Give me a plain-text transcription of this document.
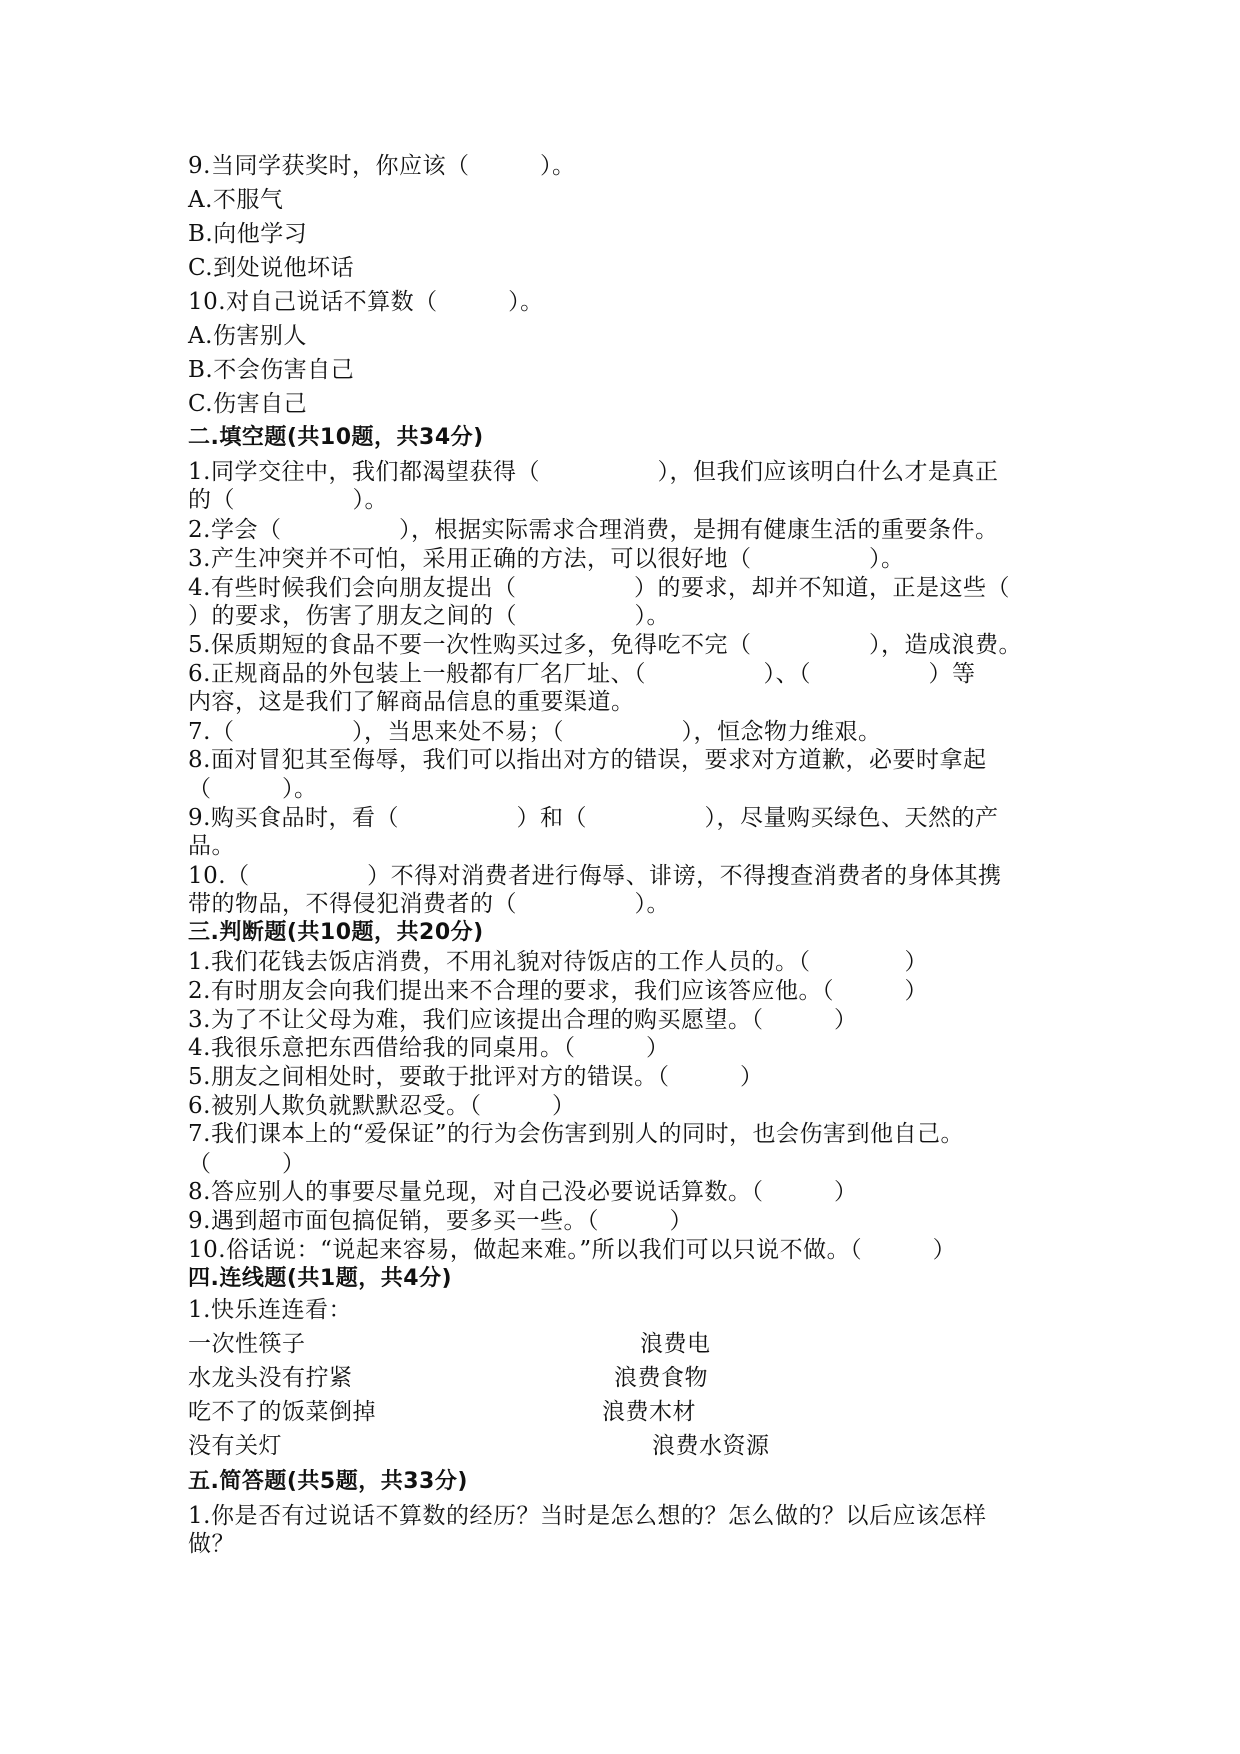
9.当同学获奖时，你应该（　　　）。
A.不服气
B.向他学习
C.到处说他坏话
10.对自己说话不算数（　　　）。
A.伤害别人
B.不会伤害自己
C.伤害自己
二.填空题(共10题，共34分)
1.同学交往中，我们都渴望获得（　　　　　），但我们应该明白什么才是真正
的（　　　　　）。
2.学会（　　　　　），根据实际需求合理消费，是拥有健康生活的重要条件。
3.产生冲突并不可怕，采用正确的方法，可以很好地（　　　　　）。
4.有些时候我们会向朋友提出（　　　　　）的要求，却并不知道，正是这些（
）的要求，伤害了朋友之间的（　　　　　）。
5.保质期短的食品不要一次性购买过多，免得吃不完（　　　　　），造成浪费。
6.正规商品的外包装上一般都有厂名厂址、（　　　　　）、（　　　　　）等
内容，这是我们了解商品信息的重要渠道。
7.（　　　　　），当思来处不易；（　　　　　），恒念物力维艰。
8.面对冒犯其至侮辱，我们可以指出对方的错误，要求对方道歉，必要时拿起
（　　　）。
9.购买食品时，看（　　　　　）和（　　　　　），尽量购买绿色、天然的产
品。
10.（　　　　　）不得对消费者进行侮辱、诽谤，不得搜查消费者的身体其携
带的物品，不得侵犯消费者的（　　　　　）。
三.判断题(共10题，共20分)
1.我们花钱去饭店消费，不用礼貌对待饭店的工作人员的。（　　　　）
2.有时朋友会向我们提出来不合理的要求，我们应该答应他。（　　　）
3.为了不让父母为难，我们应该提出合理的购买愿望。（　　　）
4.我很乐意把东西借给我的同桌用。（　　　）
5.朋友之间相处时，要敢于批评对方的错误。（　　　）
6.被别人欺负就默默忍受。（　　　）
7.我们课本上的“爱保证”的行为会伤害到别人的同时，也会伤害到他自己。
（　　　）
8.答应别人的事要尽量兑现，对自己没必要说话算数。（　　　）
9.遇到超市面包搞促销，要多买一些。（　　　）
10.俗话说：“说起来容易，做起来难。”所以我们可以只说不做。（　　　）
四.连线题(共1题，共4分)
1.快乐连连看：
一次性筷子	浪费电
水龙头没有拧紧	浪费食物
吃不了的饭菜倒掉	浪费木材
没有关灯	浪费水资源
五.简答题(共5题，共33分)
1.你是否有过说话不算数的经历？当时是怎么想的？怎么做的？以后应该怎样
做？
